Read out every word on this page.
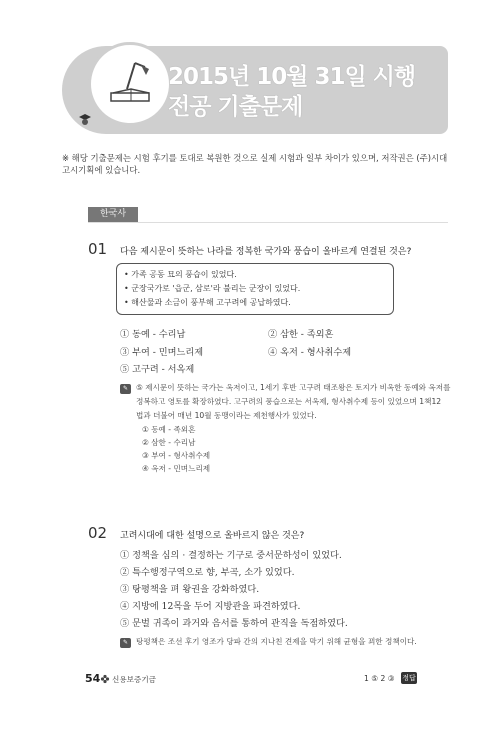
2015년 10월 31일 시행
전공 기출문제
※ 해당 기출문제는 시험 후기를 토대로 복원한 것으로 실제 시험과 일부 차이가 있으며, 저작권은 (주)시대고시기획에 있습니다.
한국사
01 다음 제시문이 뜻하는 나라를 정복한 국가와 풍습이 올바르게 연결된 것은?
• 가족 공동 묘의 풍습이 있었다.
• 군장국가로 '읍군, 삼로'라 불리는 군장이 있었다.
• 해산물과 소금이 풍부해 고구려에 공납하였다.
① 동예 - 수리남	② 삼한 - 족외혼
③ 부여 - 민며느리제	④ 옥저 - 형사취수제
⑤ 고구려 - 서옥제
✎	⑤ 제시문이 뜻하는 국가는 옥저이고, 1세기 후반 고구려 태조왕은 토지가 비옥한 동예와 옥저를
정복하고 영토를 확장하였다. 고구려의 풍습으로는 서옥제, 형사취수제 등이 있었으며 1책12
법과 더불어 매년 10월 동맹이라는 제천행사가 있었다.
① 동예 - 족외혼
② 삼한 - 수리남
③ 부여 - 형사취수제
④ 옥저 - 민며느리제
02 고려시대에 대한 설명으로 올바르지 않은 것은?
① 정책을 심의 · 결정하는 기구로 중서문하성이 있었다.
② 특수행정구역으로 향, 부곡, 소가 있었다.
③ 탕평책을 펴 왕권을 강화하였다.
④ 지방에 12목을 두어 지방관을 파견하였다.
⑤ 문벌 귀족이 과거와 음서를 통하여 관직을 독점하였다.
✎	탕평책은 조선 후기 영조가 당파 간의 지나친 견제을 막기 위해 균형을 꾀한 정책이다.
54 신용보증기금	1 ⑤ 2 ③ 정답
